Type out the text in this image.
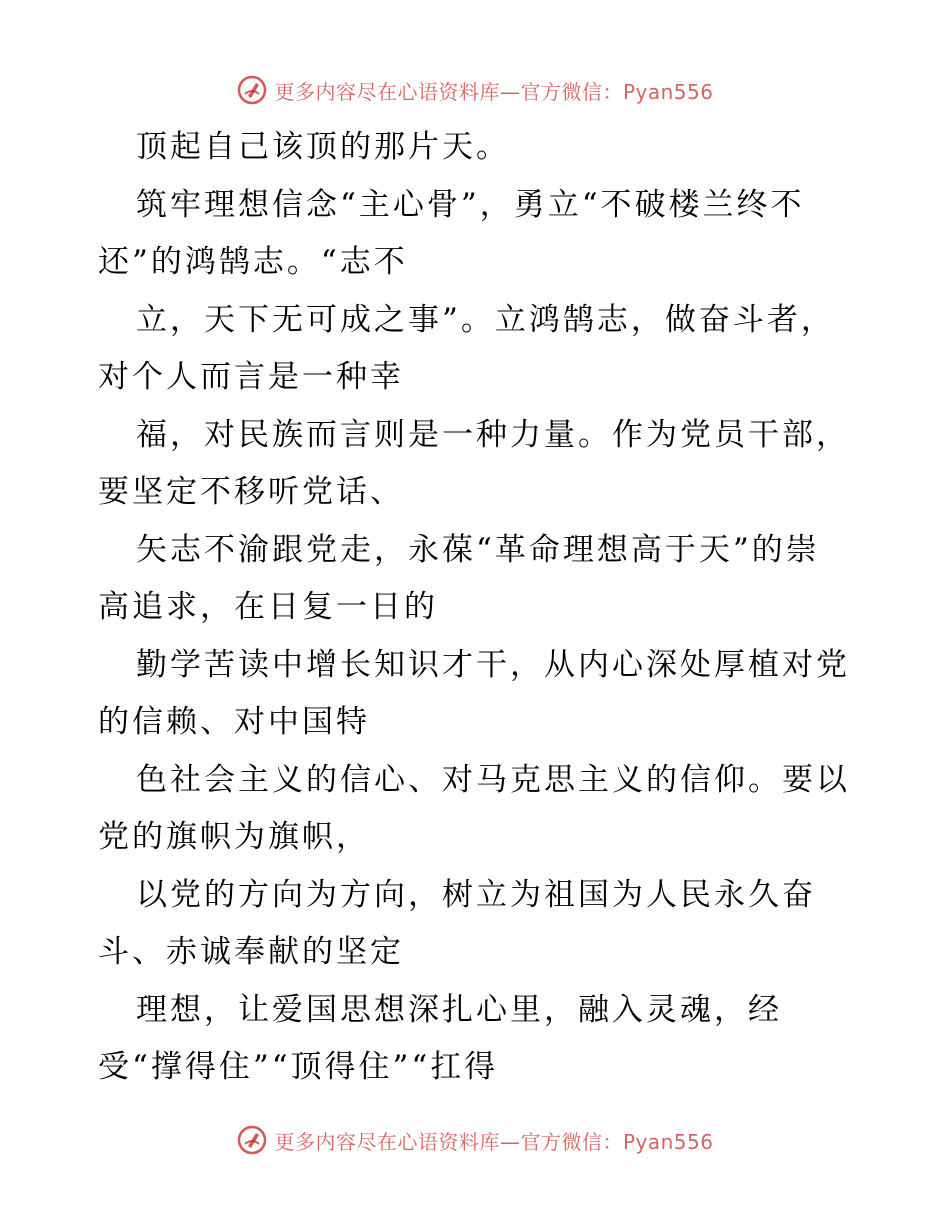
更多内容尽在心语资料库—官方微信：Pyan556
顶起自己该顶的那片天。
筑牢理想信念“主心骨”，勇立“不破楼兰终不
还”的鸿鹄志。“志不
立，天下无可成之事”。立鸿鹄志，做奋斗者，
对个人而言是一种幸
福，对民族而言则是一种力量。作为党员干部，
要坚定不移听党话、
矢志不渝跟党走，永葆“革命理想高于天”的崇
高追求，在日复一日的
勤学苦读中增长知识才干，从内心深处厚植对党
的信赖、对中国特
色社会主义的信心、对马克思主义的信仰。要以
党的旗帜为旗帜，
以党的方向为方向，树立为祖国为人民永久奋
斗、赤诚奉献的坚定
理想，让爱国思想深扎心里，融入灵魂，经
受“撑得住”“顶得住”“扛得
更多内容尽在心语资料库—官方微信：Pyan556
